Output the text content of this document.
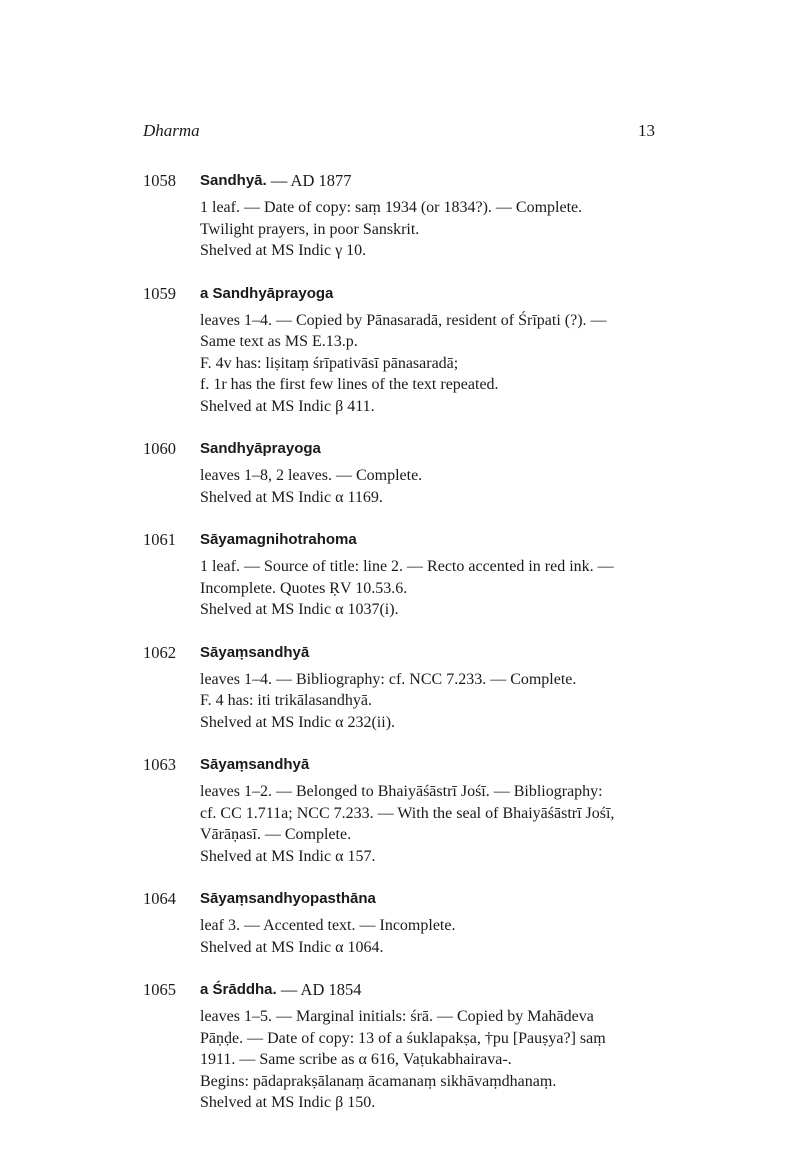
Dharma	13
1058	Sandhyā. — AD 1877
1 leaf. — Date of copy: saṃ 1934 (or 1834?). — Complete.
Twilight prayers, in poor Sanskrit.
Shelved at MS Indic γ 10.
1059	a Sandhyāprayoga
leaves 1–4. — Copied by Pānasaradā, resident of Śrīpati (?). —
Same text as MS E.13.p.
F. 4v has: liṣitaṃ śrīpativāsī pānasaradā;
f. 1r has the first few lines of the text repeated.
Shelved at MS Indic β 411.
1060	Sandhyāprayoga
leaves 1–8, 2 leaves. — Complete.
Shelved at MS Indic α 1169.
1061	Sāyamagnihotrahoma
1 leaf. — Source of title: line 2. — Recto accented in red ink. —
Incomplete. Quotes ṚV 10.53.6.
Shelved at MS Indic α 1037(i).
1062	Sāyaṃsandhyā
leaves 1–4. — Bibliography: cf. NCC 7.233. — Complete.
F. 4 has: iti trikālasandhyā.
Shelved at MS Indic α 232(ii).
1063	Sāyaṃsandhyā
leaves 1–2. — Belonged to Bhaiyāśāstrī Jośī. — Bibliography:
cf. CC 1.711a; NCC 7.233. — With the seal of Bhaiyāśāstrī Jośī,
Vārāṇasī. — Complete.
Shelved at MS Indic α 157.
1064	Sāyaṃsandhyopasthāna
leaf 3. — Accented text. — Incomplete.
Shelved at MS Indic α 1064.
1065	a Śrāddha. — AD 1854
leaves 1–5. — Marginal initials: śrā. — Copied by Mahādeva
Pāṇḍe. — Date of copy: 13 of a śuklapakṣa, †pu [Pauṣya?] saṃ
1911. — Same scribe as α 616, Vaṭukabhairava-.
Begins: pādaprakṣālanaṃ ācamanaṃ sikhāvaṃdhanaṃ.
Shelved at MS Indic β 150.
